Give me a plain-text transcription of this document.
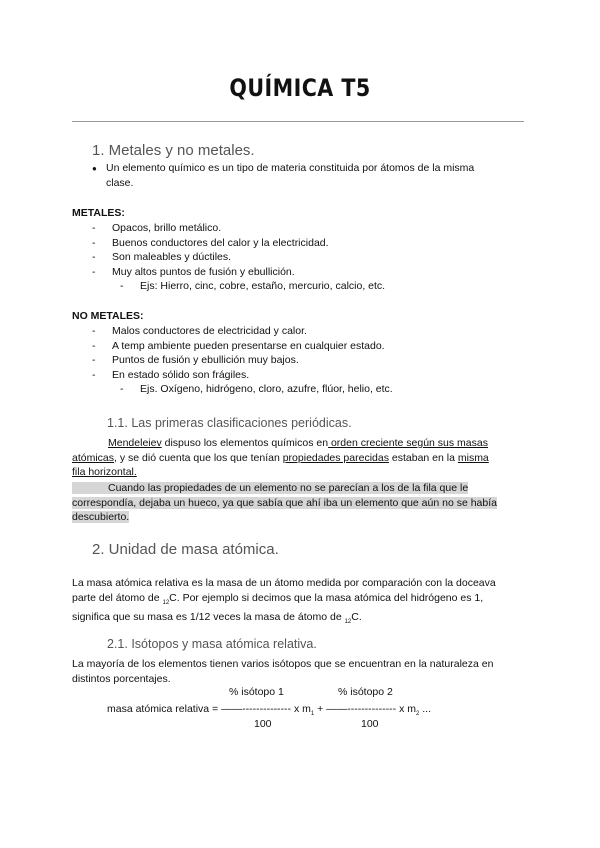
QUÍMICA T5
1. Metales y no metales.
● Un elemento químico es un tipo de materia constituida por átomos de la misma
clase.
METALES:
- Opacos, brillo metálico.
- Buenos conductores del calor y la electricidad.
- Son maleables y dúctiles.
- Muy altos puntos de fusión y ebullición.
- Ejs: Hierro, cinc, cobre, estaño, mercurio, calcio, etc.
NO METALES:
- Malos conductores de electricidad y calor.
- A temp ambiente pueden presentarse en cualquier estado.
- Puntos de fusión y ebullición muy bajos.
- En estado sólido son frágiles.
- Ejs. Oxígeno, hidrógeno, cloro, azufre, flúor, helio, etc.
1.1. Las primeras clasificaciones periódicas.
Mendeleiev dispuso los elementos químicos en orden creciente según sus masas
atómicas, y se dió cuenta que los que tenían propiedades parecidas estaban en la misma
fila horizontal.
Cuando las propiedades de un elemento no se parecían a los de la fila que le
correspondía, dejaba un hueco, ya que sabía que ahí iba un elemento que aún no se había
descubierto.
2. Unidad de masa atómica.
La masa atómica relativa es la masa de un átomo medida por comparación con la doceava
parte del átomo de $_{12}$C. Por ejemplo si decimos que la masa atómica del hidrógeno es 1,
significa que su masa es 1/12 veces la masa de átomo de $_{12}$C.
2.1. Isótopos y masa atómica relativa.
La mayoría de los elementos tienen varios isótopos que se encuentran en la naturaleza en
distintos porcentajes.
% isótopo 1	% isótopo 2
masa atómica relativa = ——-------------- x $m_1$ + ——-------------- x $m_2$ ...
100	100
